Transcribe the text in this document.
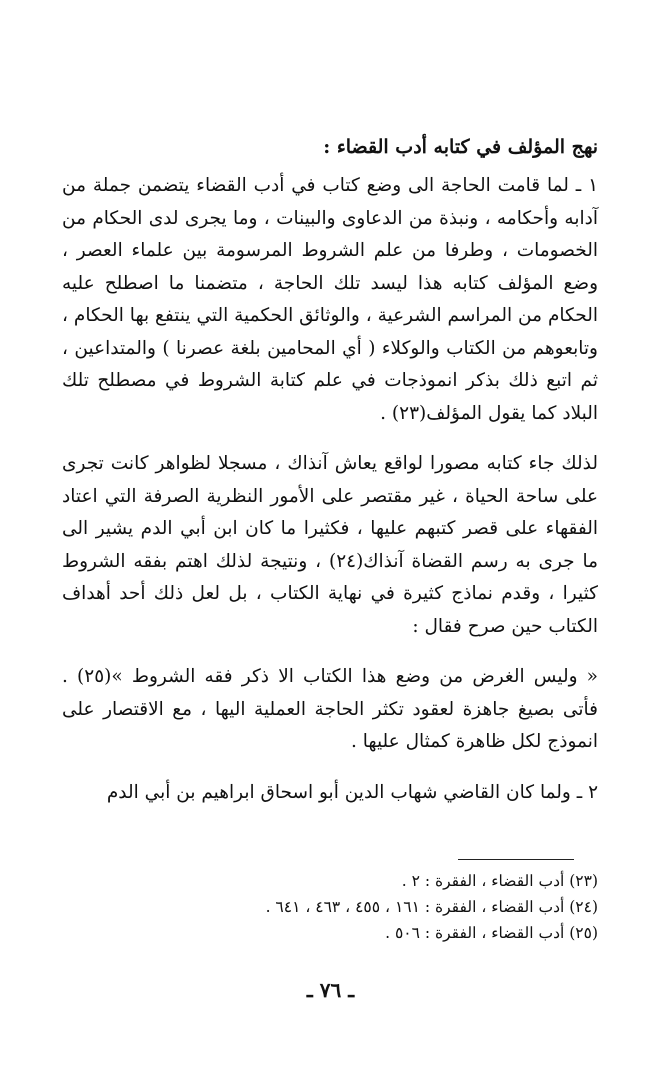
نهج المؤلف في كتابه أدب القضاء :

١ ـ لما قامت الحاجة الى وضع كتاب في أدب القضاء يتضمن جملة من آدابه وأحكامه ، ونبذة من الدعاوى والبينات ، وما يجرى لدى الحكام من الخصومات ، وطرفا من علم الشروط المرسومة بين علماء العصر ، وضع المؤلف كتابه هذا ليسد تلك الحاجة ، متضمنا ما اصطلح عليه الحكام من المراسم الشرعية ، والوثائق الحكمية التي ينتفع بها الحكام ، وتابعوهم من الكتاب والوكلاء ( أي المحامين بلغة عصرنا ) والمتداعين ، ثم اتبع ذلك بذكر انموذجات في علم كتابة الشروط في مصطلح تلك البلاد كما يقول المؤلف(٢٣) .

لذلك جاء كتابه مصورا لواقع يعاش آنذاك ، مسجلا لظواهر كانت تجرى على ساحة الحياة ، غير مقتصر على الأمور النظرية الصرفة التي اعتاد الفقهاء على قصر كتبهم عليها ، فكثيرا ما كان ابن أبي الدم يشير الى ما جرى به رسم القضاة آنذاك(٢٤) ، ونتيجة لذلك اهتم بفقه الشروط كثيرا ، وقدم نماذج كثيرة في نهاية الكتاب ، بل لعل ذلك أحد أهداف الكتاب حين صرح فقال :

« وليس الغرض من وضع هذا الكتاب الا ذكر فقه الشروط »(٢٥) . فأتى بصيغ جاهزة لعقود تكثر الحاجة العملية اليها ، مع الاقتصار على انموذج لكل ظاهرة كمثال عليها .

٢ ـ ولما كان القاضي شهاب الدين أبو اسحاق ابراهيم بن أبي الدم

(٢٣) أدب القضاء ، الفقرة : ٢ .
(٢٤) أدب القضاء ، الفقرة : ١٦١ ، ٤٥٥ ، ٤٦٣ ، ٦٤١ .
(٢٥) أدب القضاء ، الفقرة : ٥٠٦ .
ـ ٧٦ ـ
